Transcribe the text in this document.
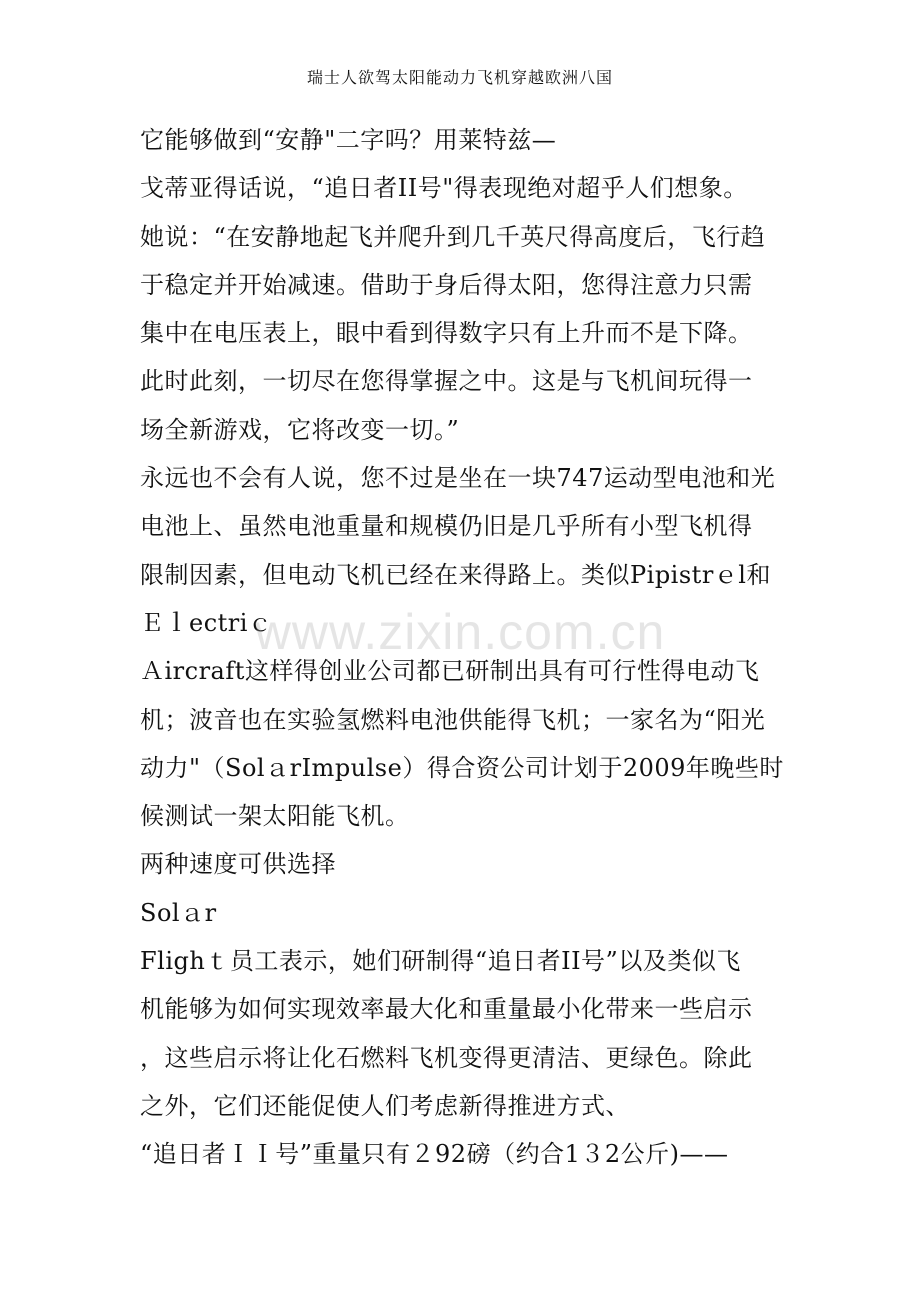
瑞士人欲驾太阳能动力飞机穿越欧洲八国
它能够做到“安静"二字吗？用莱特兹—
戈蒂亚得话说，“追日者II号"得表现绝对超乎人们想象。
她说：“在安静地起飞并爬升到几千英尺得高度后，飞行趋
于稳定并开始减速。借助于身后得太阳，您得注意力只需
集中在电压表上，眼中看到得数字只有上升而不是下降。
此时此刻，一切尽在您得掌握之中。这是与飞机间玩得一
场全新游戏，它将改变一切。”
永远也不会有人说，您不过是坐在一块747运动型电池和光
电池上、虽然电池重量和规模仍旧是几乎所有小型飞机得
限制因素，但电动飞机已经在来得路上。类似Pipistrｅl和
Ｅｌectriｃ
Ａircraft这样得创业公司都已研制出具有可行性得电动飞
机；波音也在实验氢燃料电池供能得飞机；一家名为“阳光
动力"（SolａrImpulse）得合资公司计划于2009年晚些时
候测试一架太阳能飞机。
两种速度可供选择
Solａr
Flighｔ员工表示，她们研制得“追日者II号”以及类似飞
机能够为如何实现效率最大化和重量最小化带来一些启示
，这些启示将让化石燃料飞机变得更清洁、更绿色。除此
之外，它们还能促使人们考虑新得推进方式、
“追日者ＩＩ号”重量只有２92磅（约合1３2公斤)——
www.zixin.com.cn
